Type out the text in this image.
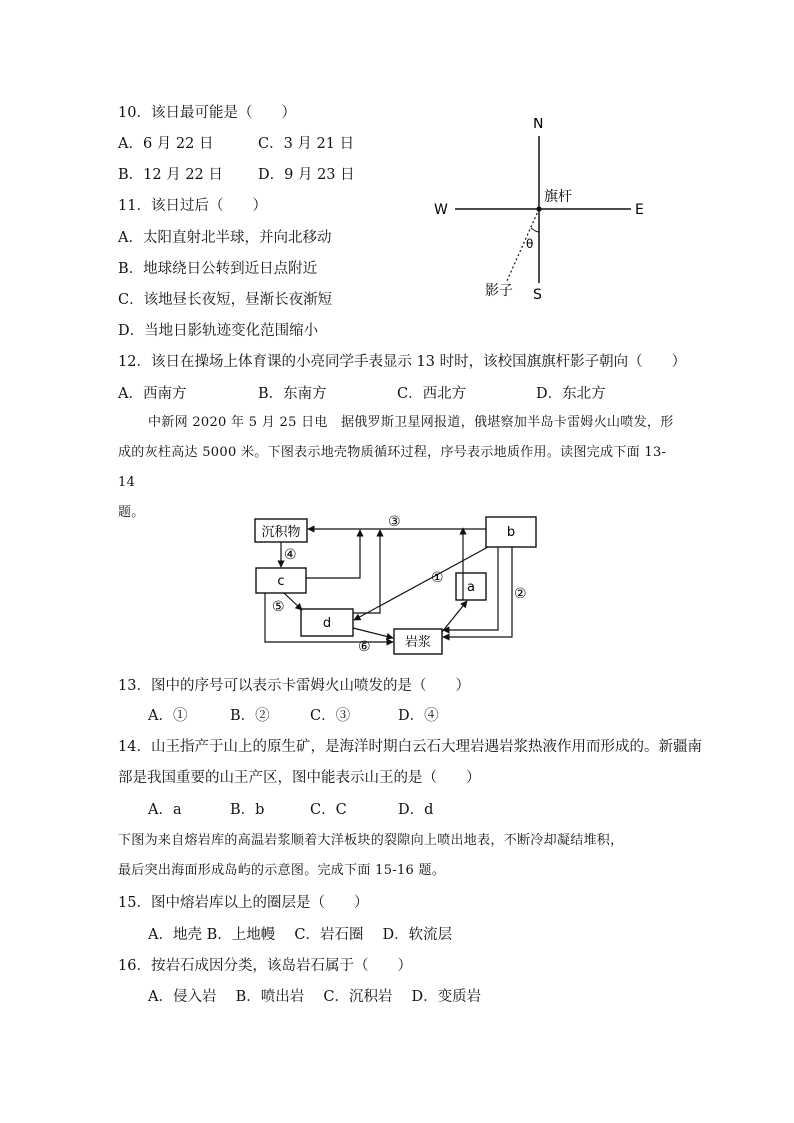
10．该日最可能是（　　）
A．6 月 22 日	C．3 月 21 日
B．12 月 22 日 D．9 月 23 日
11．该日过后（　　）
A．太阳直射北半球，并向北移动
B．地球绕日公转到近日点附近
C．该地昼长夜短，昼渐长夜渐短
D．当地日影轨迹变化范围缩小
N
S
W	E
旗杆
θ
影子
12．该日在操场上体育课的小亮同学手表显示 13 时时，该校国旗旗杆影子朝向（　　）
A．西南方	B．东南方	C．西北方	D．东北方

中新网 2020 年 5 月 25 日电　据俄罗斯卫星网报道，俄堪察加半岛卡雷姆火山喷发，形

成的灰柱高达 5000 米。下图表示地壳物质循环过程，序号表示地质作用。读图完成下面 13-14

题。

沉积物	b
c	a
d
岩浆
③
④
⑤
①
②
⑥
13．图中的序号可以表示卡雷姆火山喷发的是（　　）
A．①	B．②	C．③	D．④
14．山王指产于山上的原生矿，是海洋时期白云石大理岩遇岩浆热液作用而形成的。新疆南
部是我国重要的山王产区，图中能表示山王的是（　　）
A．a	B．b	C．C	D．d

下图为来自熔岩库的高温岩浆顺着大洋板块的裂隙向上喷出地表，不断冷却凝结堆积，

最后突出海面形成岛屿的示意图。完成下面 15-16 题。

15．图中熔岩库以上的圈层是（　　）
A．地壳 B．上地幔　 C．岩石圈　 D．软流层
16．按岩石成因分类，该岛岩石属于（　　）
A．侵入岩　 B．喷出岩　 C．沉积岩　 D．变质岩
